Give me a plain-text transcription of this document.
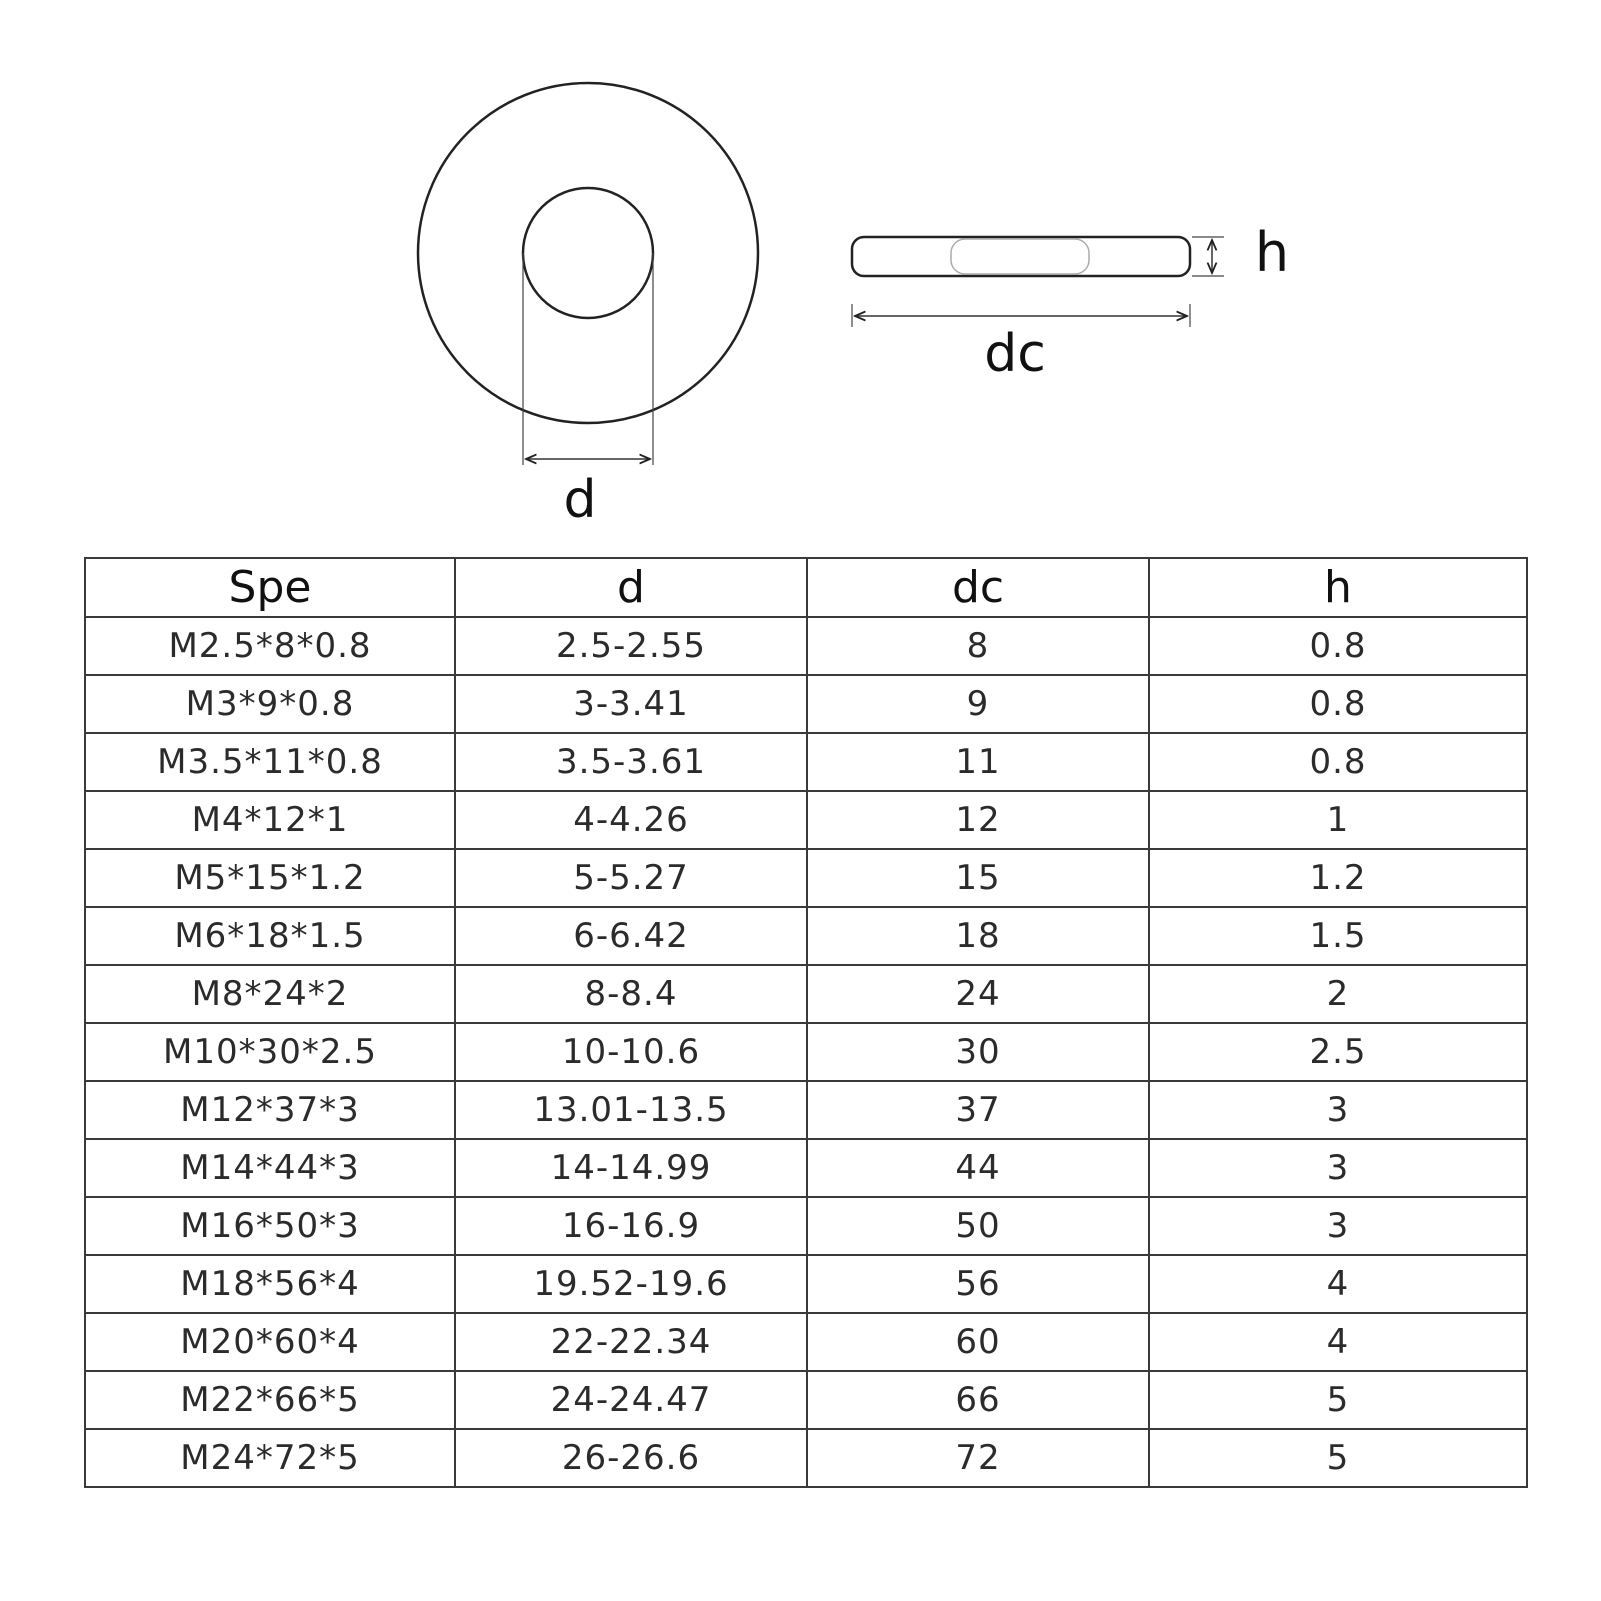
d
h
dc
Spe	d	dc	h
M2.5*8*0.8	2.5-2.55	8	0.8
M3*9*0.8	3-3.41	9	0.8
M3.5*11*0.8	3.5-3.61	11	0.8
M4*12*1	4-4.26	12	1
M5*15*1.2	5-5.27	15	1.2
M6*18*1.5	6-6.42	18	1.5
M8*24*2	8-8.4	24	2
M10*30*2.5	10-10.6	30	2.5
M12*37*3	13.01-13.5	37	3
M14*44*3	14-14.99	44	3
M16*50*3	16-16.9	50	3
M18*56*4	19.52-19.6	56	4
M20*60*4	22-22.34	60	4
M22*66*5	24-24.47	66	5
M24*72*5	26-26.6	72	5
